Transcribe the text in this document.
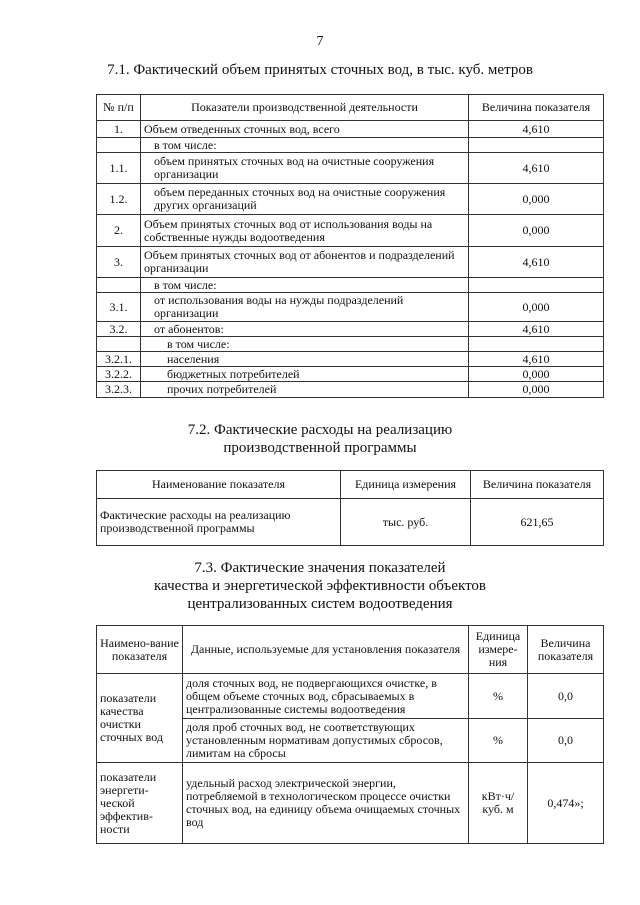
7
7.1. Фактический объем принятых сточных вод, в тыс. куб. метров
№ п/п	Показатели производственной деятельности	Величина показателя
1.	Объем отведенных сточных вод, всего	4,610
	в том числе:	
1.1.	объем принятых сточных вод на очистные сооружения организации	4,610
1.2.	объем переданных сточных вод на очистные сооружения других организаций	0,000
2.	Объем принятых сточных вод от использования воды на собственные нужды водоотведения	0,000
3.	Объем принятых сточных вод от абонентов и подразделений организации	4,610
	в том числе:	
3.1.	от использования воды на нужды подразделений организации	0,000
3.2.	от абонентов:	4,610
	в том числе:	
3.2.1.	населения	4,610
3.2.2.	бюджетных потребителей	0,000
3.2.3.	прочих потребителей	0,000
7.2. Фактические расходы на реализацию
производственной программы
Наименование показателя	Единица измерения	Величина показателя
Фактические расходы на реализацию производственной программы	тыс. руб.	621,65
7.3. Фактические значения показателей
качества и энергетической эффективности объектов
централизованных систем водоотведения
Наимено-вание показателя	Данные, используемые для установления показателя	Единица измере-ния	Величина показателя
показатели качества очистки сточных вод	доля сточных вод, не подвергающихся очистке, в общем объеме сточных вод, сбрасываемых в централизованные системы водоотведения	%	0,0
	доля проб сточных вод, не соответствующих установленным нормативам допустимых сбросов, лимитам на сбросы	%	0,0
показатели энергети-ческой эффектив-ности	удельный расход электрической энергии, потребляемой в технологическом процессе очистки сточных вод, на единицу объема очищаемых сточных вод	кВт·ч/ куб. м	0,474»;
